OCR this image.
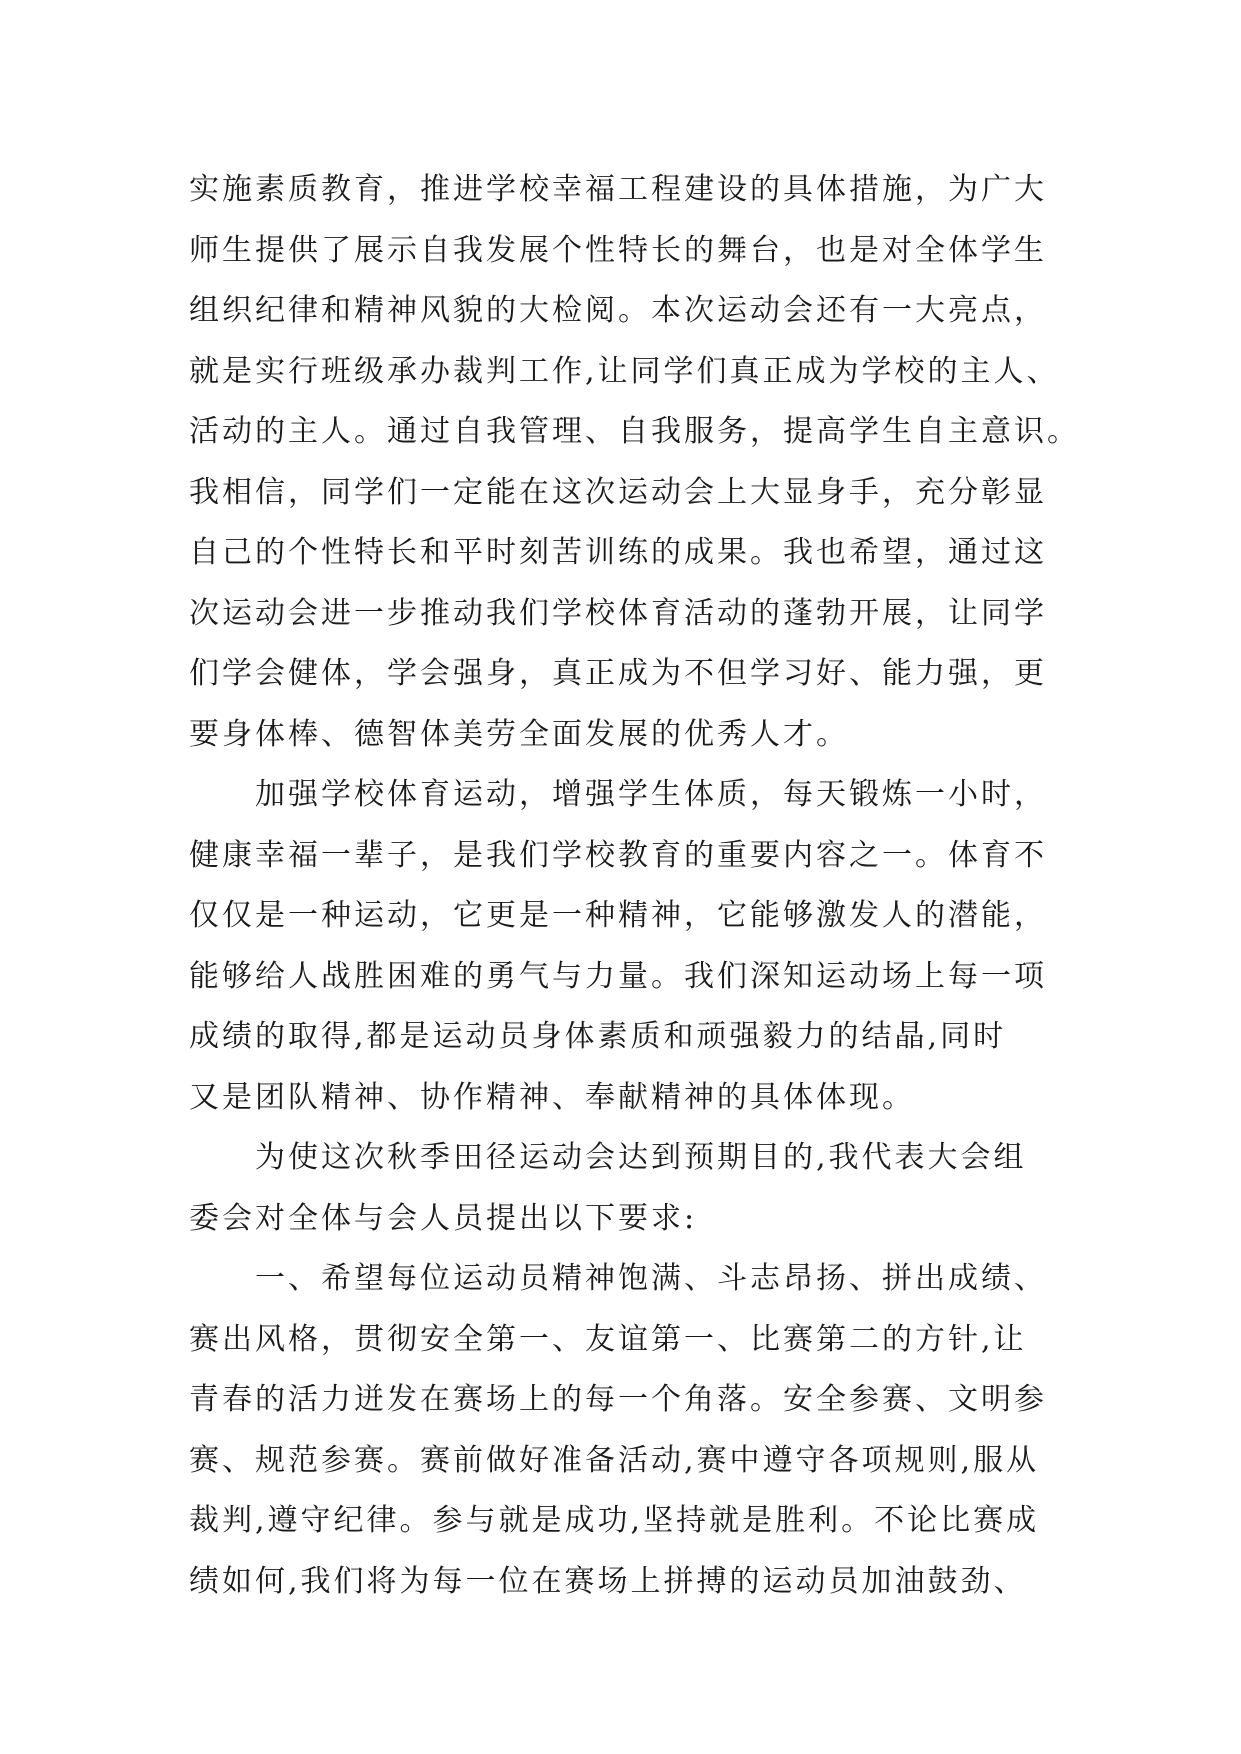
实施素质教育，推进学校幸福工程建设的具体措施，为广大
师生提供了展示自我发展个性特长的舞台，也是对全体学生
组织纪律和精神风貌的大检阅。本次运动会还有一大亮点，
就是实行班级承办裁判工作,让同学们真正成为学校的主人、
活动的主人。通过自我管理、自我服务，提高学生自主意识。
我相信，同学们一定能在这次运动会上大显身手，充分彰显
自己的个性特长和平时刻苦训练的成果。我也希望，通过这
次运动会进一步推动我们学校体育活动的蓬勃开展，让同学
们学会健体，学会强身，真正成为不但学习好、能力强，更
要身体棒、德智体美劳全面发展的优秀人才。
加强学校体育运动，增强学生体质，每天锻炼一小时，
健康幸福一辈子，是我们学校教育的重要内容之一。体育不
仅仅是一种运动，它更是一种精神，它能够激发人的潜能，
能够给人战胜困难的勇气与力量。我们深知运动场上每一项
成绩的取得,都是运动员身体素质和顽强毅力的结晶,同时
又是团队精神、协作精神、奉献精神的具体体现。
为使这次秋季田径运动会达到预期目的,我代表大会组
委会对全体与会人员提出以下要求:
一、希望每位运动员精神饱满、斗志昂扬、拼出成绩、
赛出风格，贯彻安全第一、友谊第一、比赛第二的方针,让
青春的活力迸发在赛场上的每一个角落。安全参赛、文明参
赛、规范参赛。赛前做好准备活动,赛中遵守各项规则,服从
裁判,遵守纪律。参与就是成功,坚持就是胜利。不论比赛成
绩如何,我们将为每一位在赛场上拼搏的运动员加油鼓劲、
